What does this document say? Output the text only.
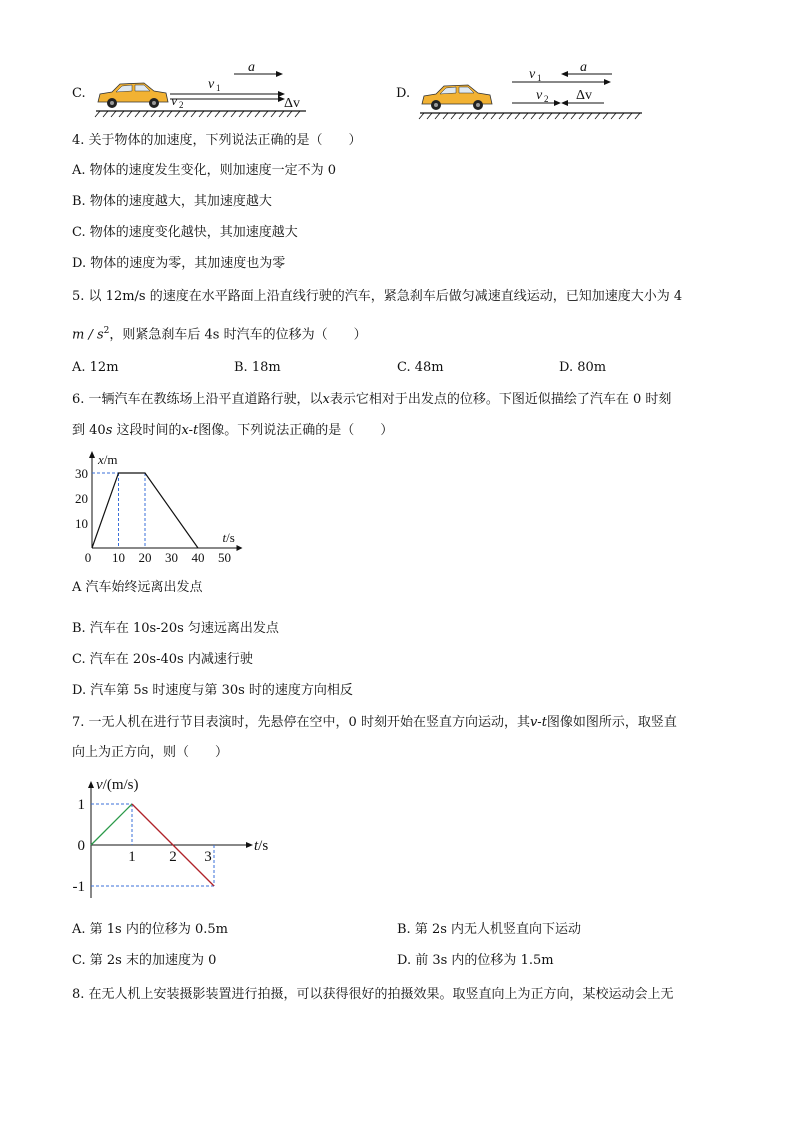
C.
v 1
v 2
a
Δv
D.
v 1
a
v 2 Δv
4. 关于物体的加速度，下列说法正确的是（　　）
A. 物体的速度发生变化，则加速度一定不为 0
B. 物体的速度越大，其加速度越大
C. 物体的速度变化越快，其加速度越大
D. 物体的速度为零，其加速度也为零
5. 以 12m/s 的速度在水平路面上沿直线行驶的汽车，紧急刹车后做匀减速直线运动，已知加速度大小为 4
m / $s^2$，则紧急刹车后 4s 时汽车的位移为（　　）
A. 12m	B. 18m	C. 48m	D. 80m
6. 一辆汽车在教练场上沿平直道路行驶，以x表示它相对于出发点的位移。下图近似描绘了汽车在 0 时刻
到 40s 这段时间的x-t图像。下列说法正确的是（　　）
0 10 20 30 40 50
10
20
30
x/m
t/s
A 汽车始终远离出发点
B. 汽车在 10s-20s 匀速远离出发点
C. 汽车在 20s-40s 内减速行驶
D. 汽车第 5s 时速度与第 30s 时的速度方向相反
7. 一无人机在进行节目表演时，先悬停在空中，0 时刻开始在竖直方向运动，其v-t图像如图所示，取竖直
向上为正方向，则（　　）
1 2 3
1
0
-1
v/(m/s)
t/s
A. 第 1s 内的位移为 0.5m	B. 第 2s 内无人机竖直向下运动
C. 第 2s 末的加速度为 0	D. 前 3s 内的位移为 1.5m
8. 在无人机上安装摄影装置进行拍摄，可以获得很好的拍摄效果。取竖直向上为正方向，某校运动会上无
